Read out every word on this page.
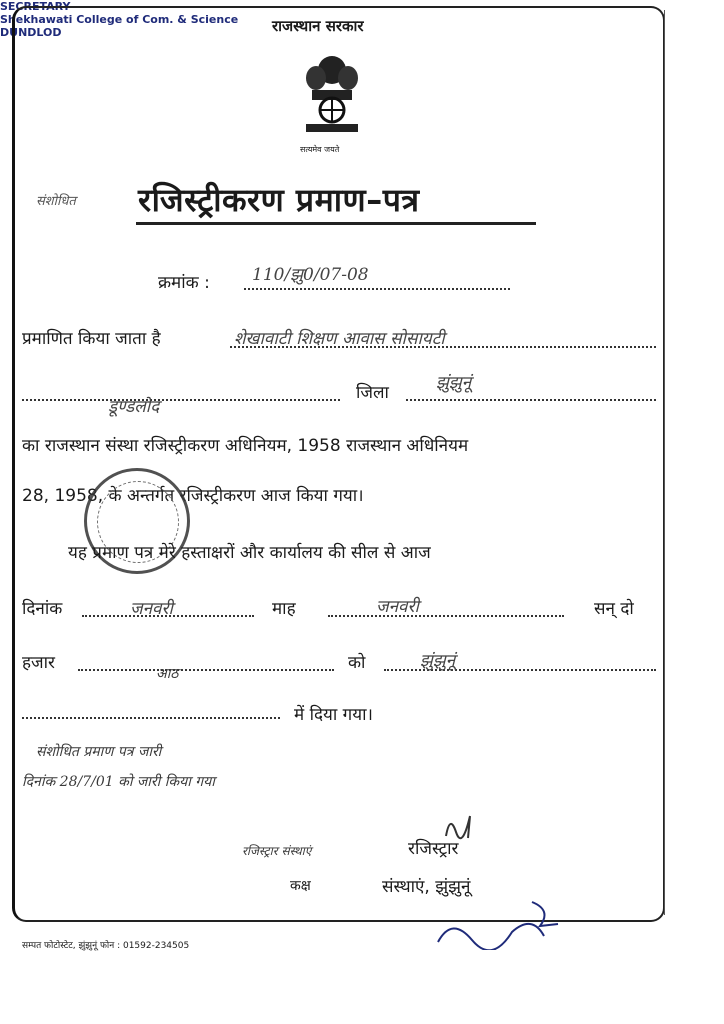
राजस्थान सरकार
सत्यमेव जयते
संशोधित रजिस्ट्रीकरण प्रमाण–पत्र
क्रमांक : 110/झु0/07-08
प्रमाणित किया जाता है	शेखावाटी शिक्षण आवास सोसायटी
डूण्डलोद
जिला	झुंझुनूं
का राजस्थान संस्था रजिस्ट्रीकरण अधिनियम, 1958 राजस्थान अधिनियम
28, 1958, के अन्तर्गत रजिस्ट्रीकरण आज किया गया।
यह प्रमाण पत्र मेरे हस्ताक्षरों और कार्यालय की सील से आज
दिनांक	जनवरी	माह	जनवरी	सन् दो
हजार
आठ
को	झुंझुनूं
में दिया गया।
संशोधित प्रमाण पत्र जारी
दिनांक 28/7/01 को जारी किया गया
रजिस्ट्रार संस्थाएं	रजिस्ट्रार
कक्ष	संस्थाएं, झुंझुनूं
सम्पत फोटोस्टेट, झुंझुनूं फोन : 01592-234505
SECRETARY
Shekhawati College of Com. & Science
DUNDLOD
